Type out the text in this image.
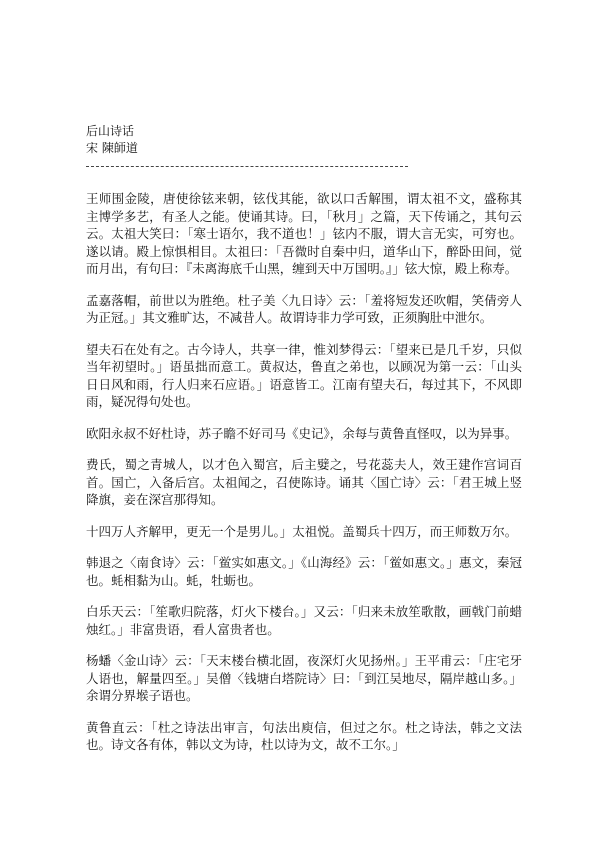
后山诗话
宋 陳師道

王师围金陵，唐使徐铉来朝，铉伐其能，欲以口舌解围，谓太祖不文，盛称其主博学多艺，有圣人之能。使诵其诗。曰，「秋月」之篇，天下传诵之，其句云云。太祖大笑曰：「寒士语尔，我不道也！」铉内不服，谓大言无实，可穷也。遂以请。殿上惊惧相目。太祖曰：「吾微时自秦中归，道华山下，醉卧田间，觉而月出，有句曰：『未离海底千山黑，缠到天中万国明。』」铉大惊，殿上称寿。

孟嘉落帽，前世以为胜绝。杜子美〈九日诗〉云：「羞将短发还吹帽，笑倩旁人为正冠。」其文雅旷达，不减昔人。故谓诗非力学可致，正须胸肚中泄尔。

望夫石在处有之。古今诗人，共享一律，惟刘梦得云：「望来已是几千岁，只似当年初望时。」语虽拙而意工。黄叔达，鲁直之弟也，以顾况为第一云：「山头日日风和雨，行人归来石应语。」语意皆工。江南有望夫石，每过其下，不风即雨，疑况得句处也。

欧阳永叔不好杜诗，苏子瞻不好司马《史记》，余每与黄鲁直怪叹，以为异事。

费氏，蜀之青城人，以才色入蜀宫，后主嬖之，号花蕊夫人，效王建作宫词百首。国亡，入备后宫。太祖闻之，召使陈诗。诵其〈国亡诗〉云：「君王城上竖降旗，妾在深宫那得知。

十四万人齐解甲，更无一个是男儿。」太祖悦。盖蜀兵十四万，而王师数万尔。

韩退之〈南食诗〉云：「鲎实如惠文。」《山海经》云：「鲎如惠文。」惠文，秦冠也。蚝相黏为山。蚝，牡蛎也。

白乐天云：「笙歌归院落，灯火下楼台。」又云：「归来未放笙歌散，画戟门前蜡烛红。」非富贵语，看人富贵者也。

杨蟠〈金山诗〉云：「天末楼台横北固，夜深灯火见扬州。」王平甫云：「庄宅牙人语也，解量四至。」吴僧〈钱塘白塔院诗〉曰：「到江吴地尽，隔岸越山多。」余谓分界堠子语也。

黄鲁直云：「杜之诗法出审言，句法出庾信，但过之尔。杜之诗法，韩之文法也。诗文各有体，韩以文为诗，杜以诗为文，故不工尔。」
